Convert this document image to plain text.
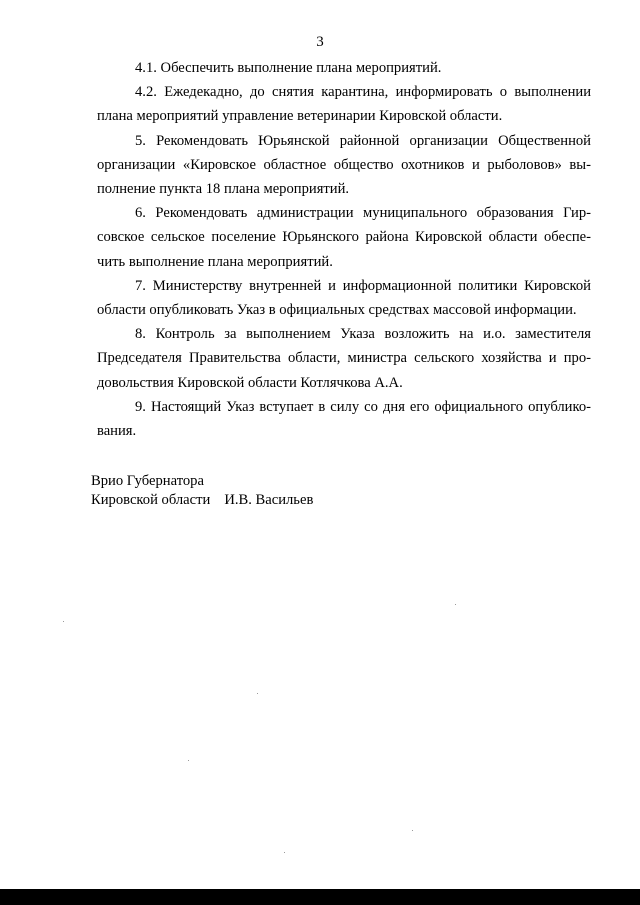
3

4.1. Обеспечить выполнение плана мероприятий.

4.2. Ежедекадно, до снятия карантина, информировать о выполнении плана мероприятий управление ветеринарии Кировской области.

5. Рекомендовать Юрьянской районной организации Общественной организации «Кировское областное общество охотников и рыболовов» выполнение пункта 18 плана мероприятий.

6. Рекомендовать администрации муниципального образования Гирсовское сельское поселение Юрьянского района Кировской области обеспечить выполнение плана мероприятий.

7. Министерству внутренней и информационной политики Кировской области опубликовать Указ в официальных средствах массовой информации.

8. Контроль за выполнением Указа возложить на и.о. заместителя Председателя Правительства области, министра сельского хозяйства и продовольствия Кировской области Котлячкова А.А.

9. Настоящий Указ вступает в силу со дня его официального опубликования.

Врио Губернатора
Кировской области И.В. Васильев
